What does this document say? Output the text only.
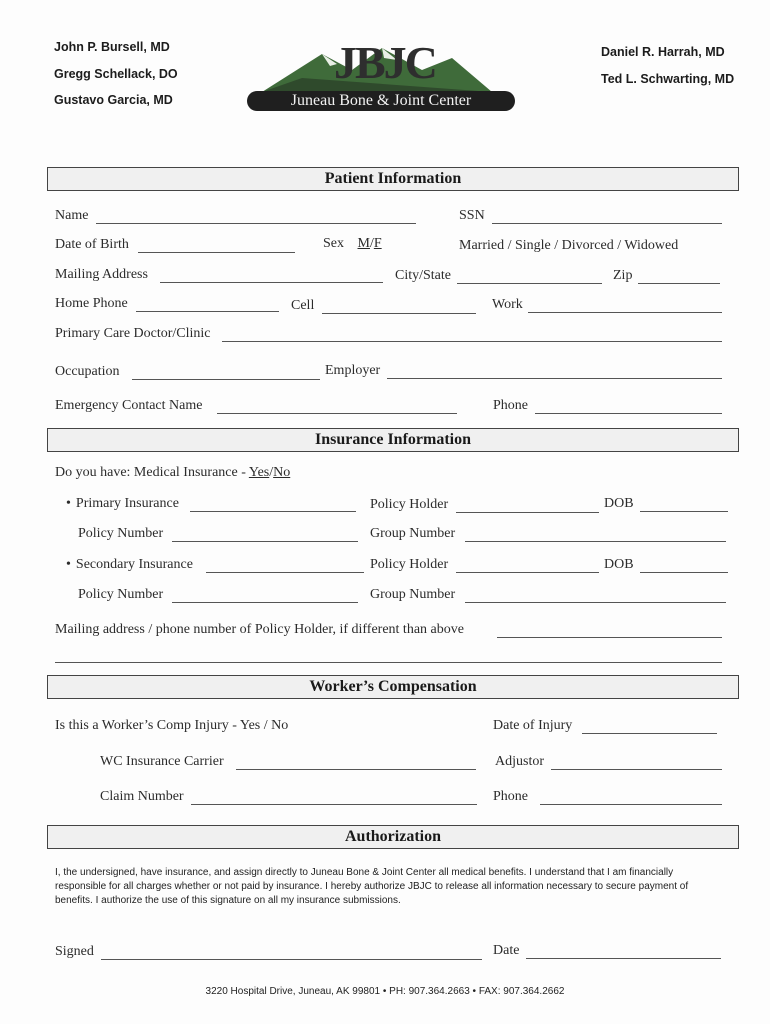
John P. Bursell, MD
Gregg Schellack, DO
Gustavo Garcia, MD
Daniel R. Harrah, MD
Ted L. Schwarting, MD
JBJC
Juneau Bone & Joint Center
Patient Information
Name	SSN
Date of Birth	Sex M/F	Married / Single / Divorced / Widowed
Mailing Address	City/State	Zip
Home Phone	Cell	Work
Primary Care Doctor/Clinic
Occupation	Employer
Emergency Contact Name	Phone
Insurance Information
Do you have: Medical Insurance - Yes/No
• Primary Insurance	Policy Holder	DOB
Policy Number	Group Number
• Secondary Insurance	Policy Holder	DOB
Policy Number	Group Number
Mailing address / phone number of Policy Holder, if different than above
Worker’s Compensation
Is this a Worker’s Comp Injury - Yes / No	Date of Injury
WC Insurance Carrier	Adjustor
Claim Number	Phone
Authorization
I, the undersigned, have insurance, and assign directly to Juneau Bone & Joint Center all medical benefits. I understand that I am financially responsible for all charges whether or not paid by insurance. I hereby authorize JBJC to release all information necessary to secure payment of benefits. I authorize the use of this signature on all my insurance submissions.
Signed	Date
3220 Hospital Drive, Juneau, AK 99801 • PH: 907.364.2663 • FAX: 907.364.2662
